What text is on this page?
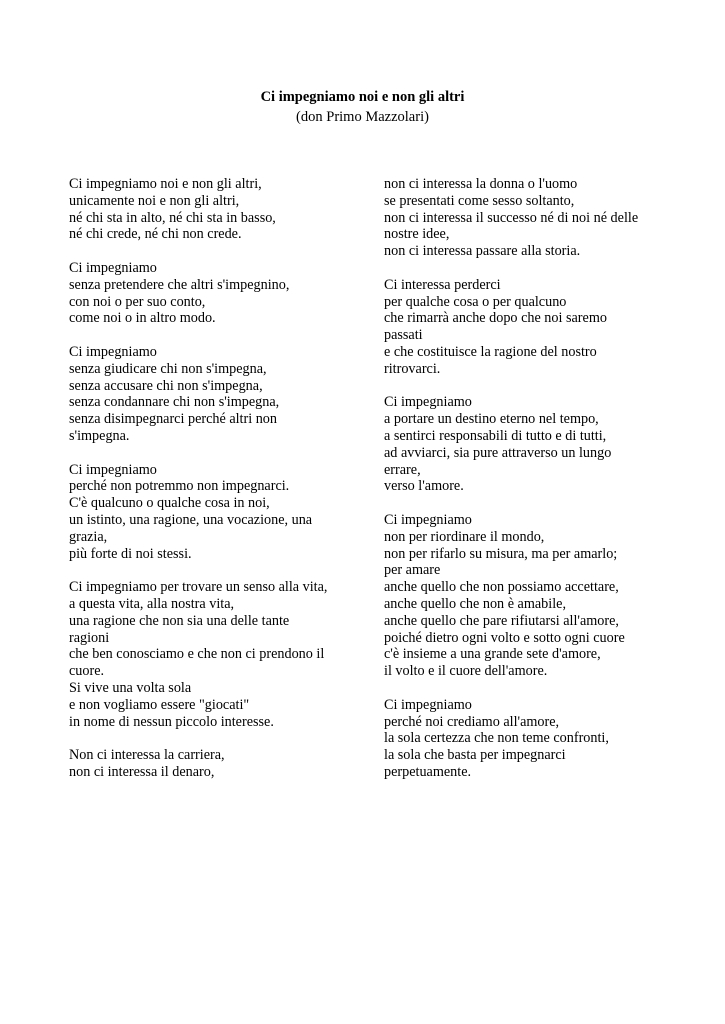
Ci impegniamo noi e non gli altri
(don Primo Mazzolari)
Ci impegniamo noi e non gli altri,
unicamente noi e non gli altri,
né chi sta in alto, né chi sta in basso,
né chi crede, né chi non crede.
Ci impegniamo
senza pretendere che altri s'impegnino,
con noi o per suo conto,
come noi o in altro modo.
Ci impegniamo
senza giudicare chi non s'impegna,
senza accusare chi non s'impegna,
senza condannare chi non s'impegna,
senza disimpegnarci perché altri non
s'impegna.
Ci impegniamo
perché non potremmo non impegnarci.
C'è qualcuno o qualche cosa in noi,
un istinto, una ragione, una vocazione, una
grazia,
più forte di noi stessi.
Ci impegniamo per trovare un senso alla vita,
a questa vita, alla nostra vita,
una ragione che non sia una delle tante
ragioni
che ben conosciamo e che non ci prendono il
cuore.
Si vive una volta sola
e non vogliamo essere "giocati"
in nome di nessun piccolo interesse.
Non ci interessa la carriera,
non ci interessa il denaro,
non ci interessa la donna o l'uomo
se presentati come sesso soltanto,
non ci interessa il successo né di noi né delle
nostre idee,
non ci interessa passare alla storia.
Ci interessa perderci
per qualche cosa o per qualcuno
che rimarrà anche dopo che noi saremo
passati
e che costituisce la ragione del nostro
ritrovarci.
Ci impegniamo
a portare un destino eterno nel tempo,
a sentirci responsabili di tutto e di tutti,
ad avviarci, sia pure attraverso un lungo
errare,
verso l'amore.
Ci impegniamo
non per riordinare il mondo,
non per rifarlo su misura, ma per amarlo;
per amare
anche quello che non possiamo accettare,
anche quello che non è amabile,
anche quello che pare rifiutarsi all'amore,
poiché dietro ogni volto e sotto ogni cuore
c'è insieme a una grande sete d'amore,
il volto e il cuore dell'amore.
Ci impegniamo
perché noi crediamo all'amore,
la sola certezza che non teme confronti,
la sola che basta per impegnarci
perpetuamente.
